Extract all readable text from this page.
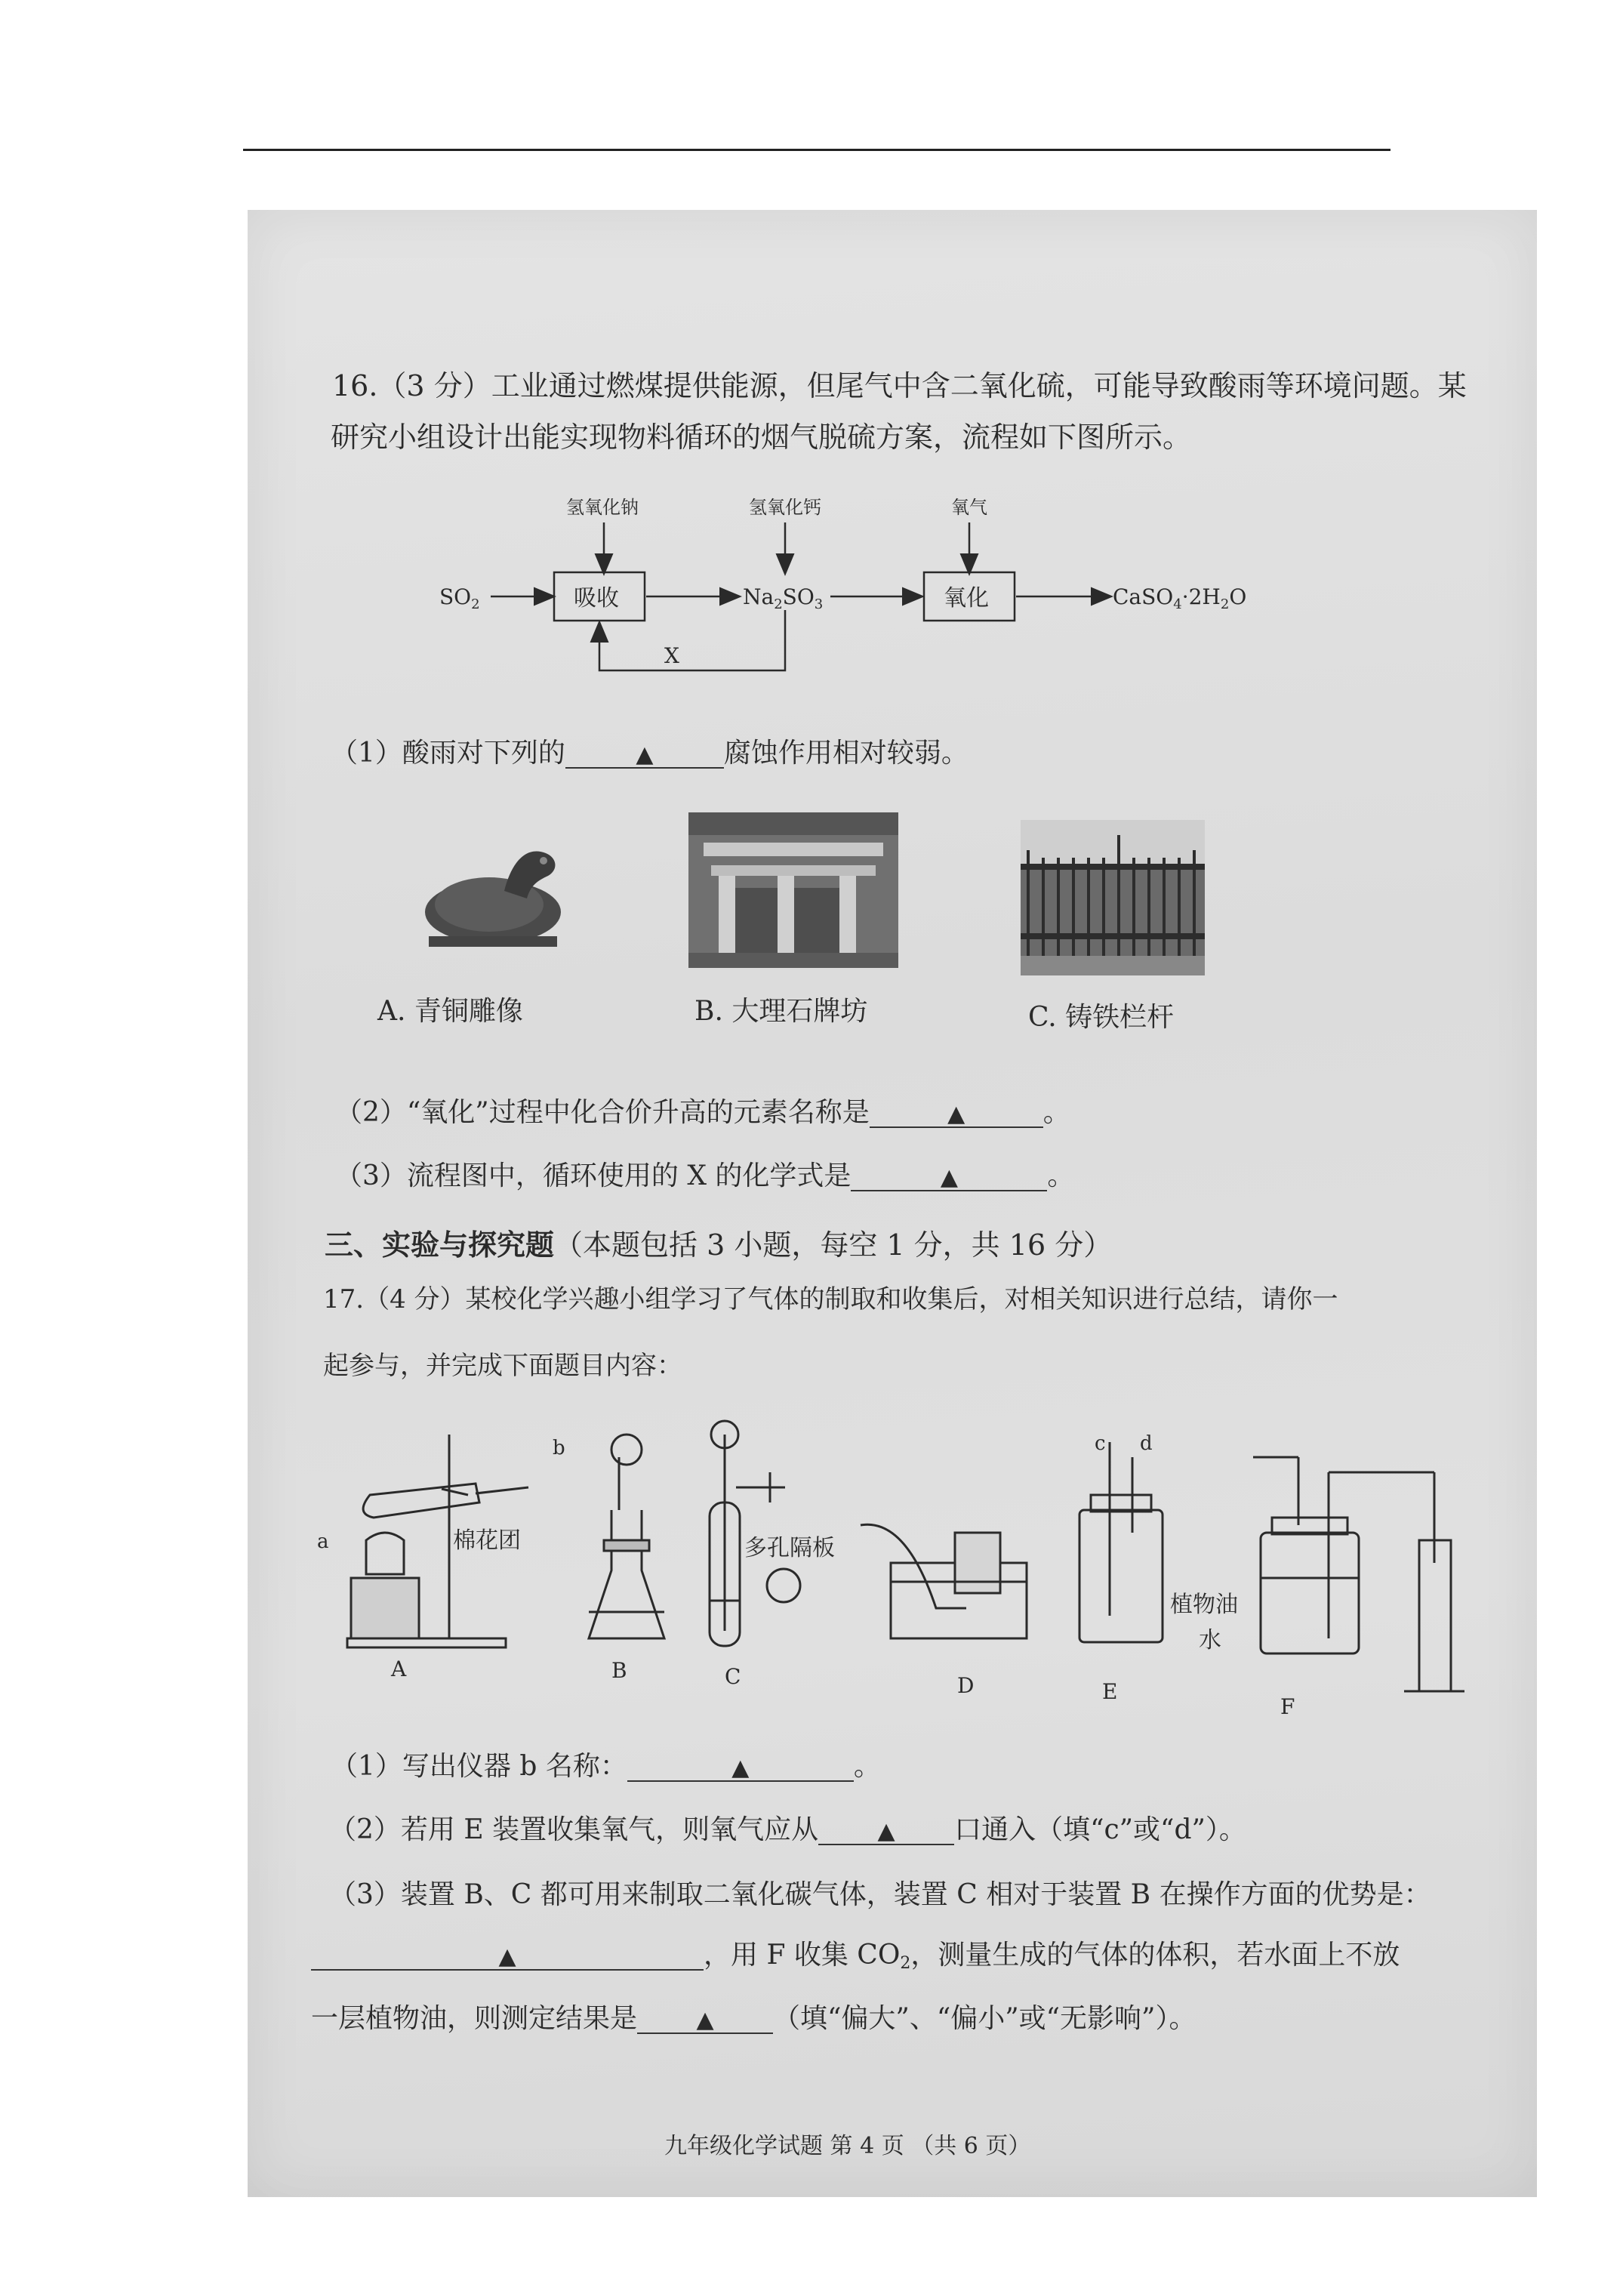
16.（3 分）工业通过燃煤提供能源，但尾气中含二氧化硫，可能导致酸雨等环境问题。某
研究小组设计出能实现物料循环的烟气脱硫方案，流程如下图所示。
氢氧化钠	氢氧化钙	氧气
$SO_2$	吸收	$Na_2SO_3$	氧化	$CaSO_4\cdot 2H_2O$
X
（1）酸雨对下列的	▲	腐蚀作用相对较弱。
A. 青铜雕像	B. 大理石牌坊	C. 铸铁栏杆
（2）“氧化”过程中化合价升高的元素名称是	▲	。
（3）流程图中，循环使用的 X 的化学式是	▲	。
三、实验与探究题（本题包括 3 小题，每空 1 分，共 16 分）
17.（4 分）某校化学兴趣小组学习了气体的制取和收集后，对相关知识进行总结，请你一
起参与，并完成下面题目内容：
a
b	c d
棉花团	多孔隔板
植物油
水
A	B	C	D	E
F
（1）写出仪器 b 名称：	▲	。
（2）若用 E 装置收集氧气，则氧气应从	▲ 口通入（填“c”或“d”）。
（3）装置 B、C 都可用来制取二氧化碳气体，装置 C 相对于装置 B 在操作方面的优势是：
▲	，用 F 收集 CO2，测量生成的气体的体积，若水面上不放
一层植物油，则测定结果是	▲ （填“偏大”、“偏小”或“无影响”）。
九年级化学试题 第 4 页 （共 6 页）
